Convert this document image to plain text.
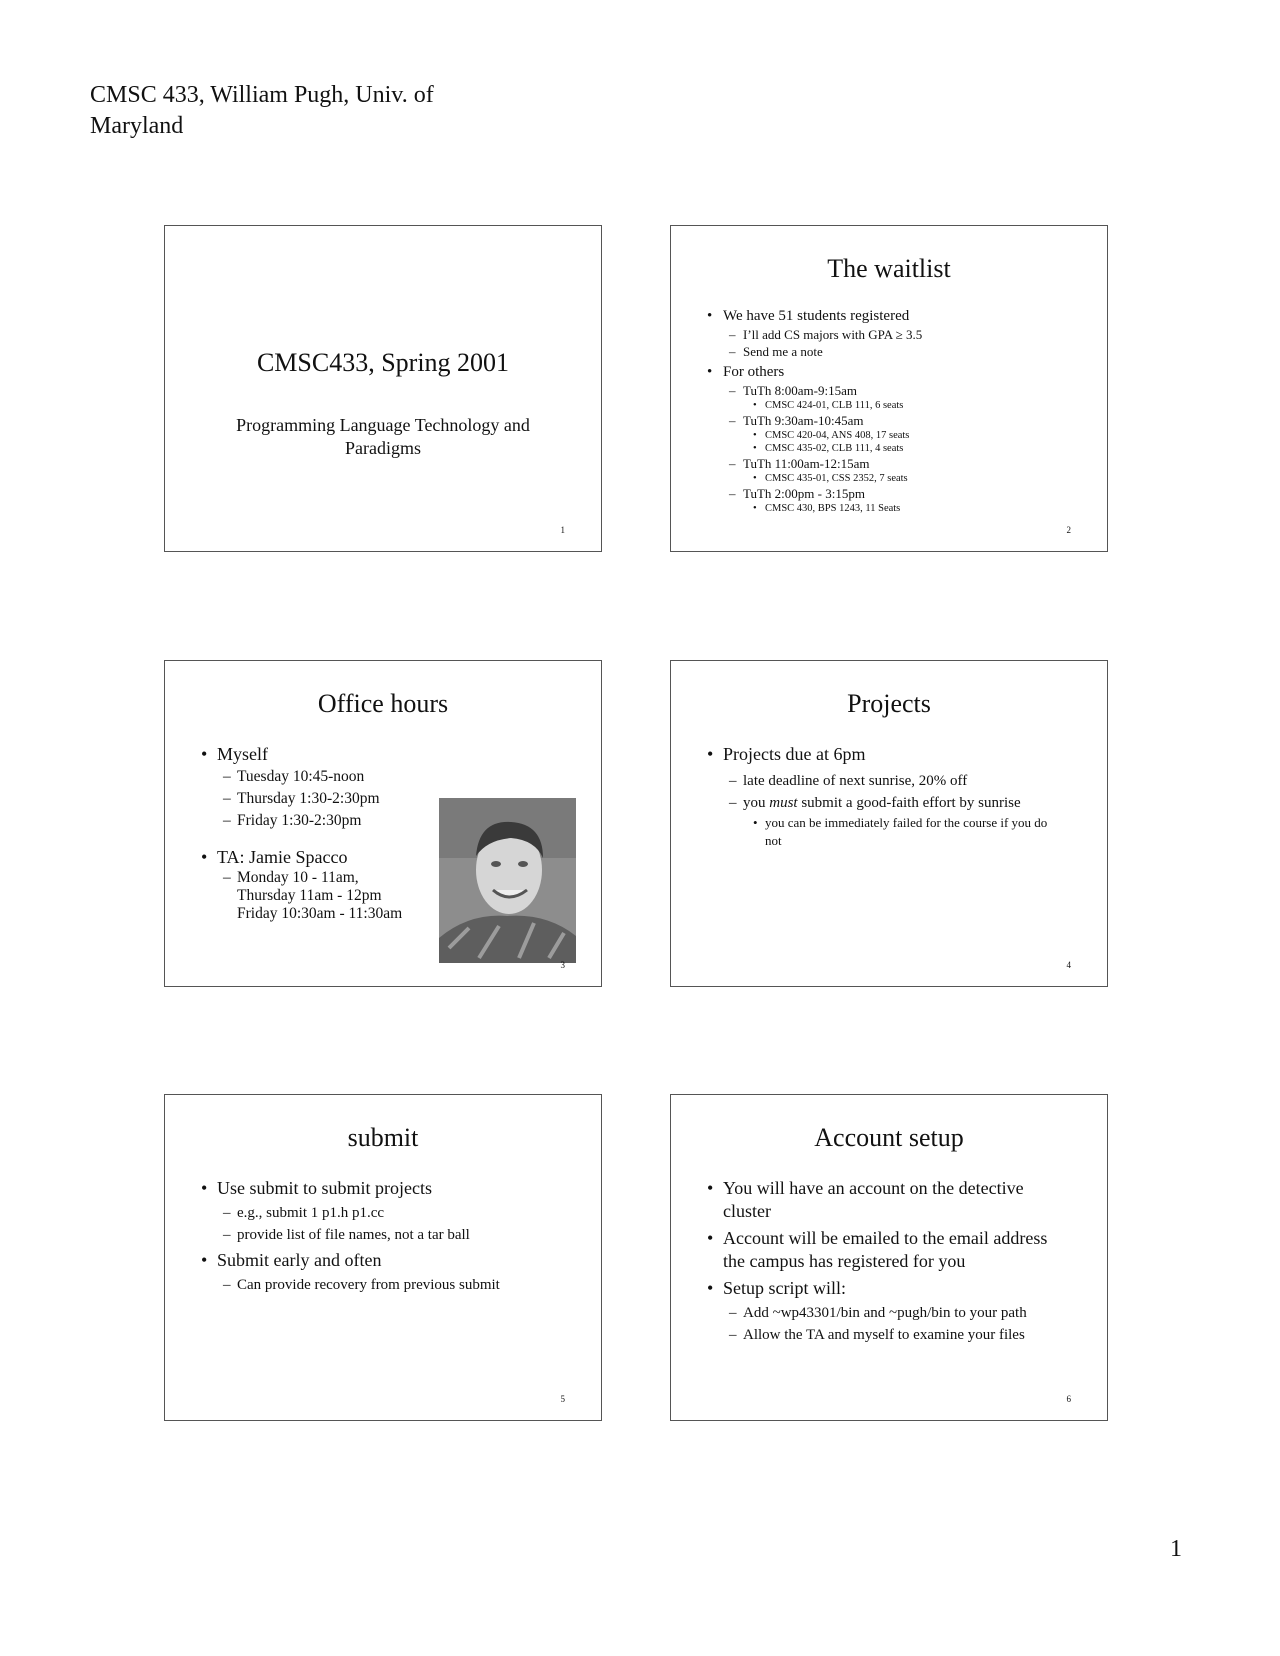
CMSC 433, William Pugh, Univ. of Maryland
CMSC433, Spring 2001
Programming Language Technology and Paradigms
1
The waitlist
• We have 51 students registered
– I’ll add CS majors with GPA ≥ 3.5
– Send me a note
• For others
– TuTh 8:00am-9:15am
• CMSC 424-01, CLB 111, 6 seats
– TuTh 9:30am-10:45am
• CMSC 420-04, ANS 408, 17 seats
• CMSC 435-02, CLB 111, 4 seats
– TuTh 11:00am-12:15am
• CMSC 435-01, CSS 2352, 7 seats
– TuTh 2:00pm - 3:15pm
• CMSC 430, BPS 1243, 11 Seats
2
Office hours
• Myself
– Tuesday 10:45-noon
– Thursday 1:30-2:30pm
– Friday 1:30-2:30pm
• TA: Jamie Spacco
– Monday 10 - 11am,
Thursday 11am - 12pm
Friday 10:30am - 11:30am
3
Projects
• Projects due at 6pm
– late deadline of next sunrise, 20% off
– you must submit a good-faith effort by sunrise
• you can be immediately failed for the course if you do not
4
submit
• Use submit to submit projects
– e.g., submit 1 p1.h p1.cc
– provide list of file names, not a tar ball
• Submit early and often
– Can provide recovery from previous submit
5
Account setup
• You will have an account on the detective cluster
• Account will be emailed to the email address the campus has registered for you
• Setup script will:
– Add ~wp43301/bin and ~pugh/bin to your path
– Allow the TA and myself to examine your files
6
1
